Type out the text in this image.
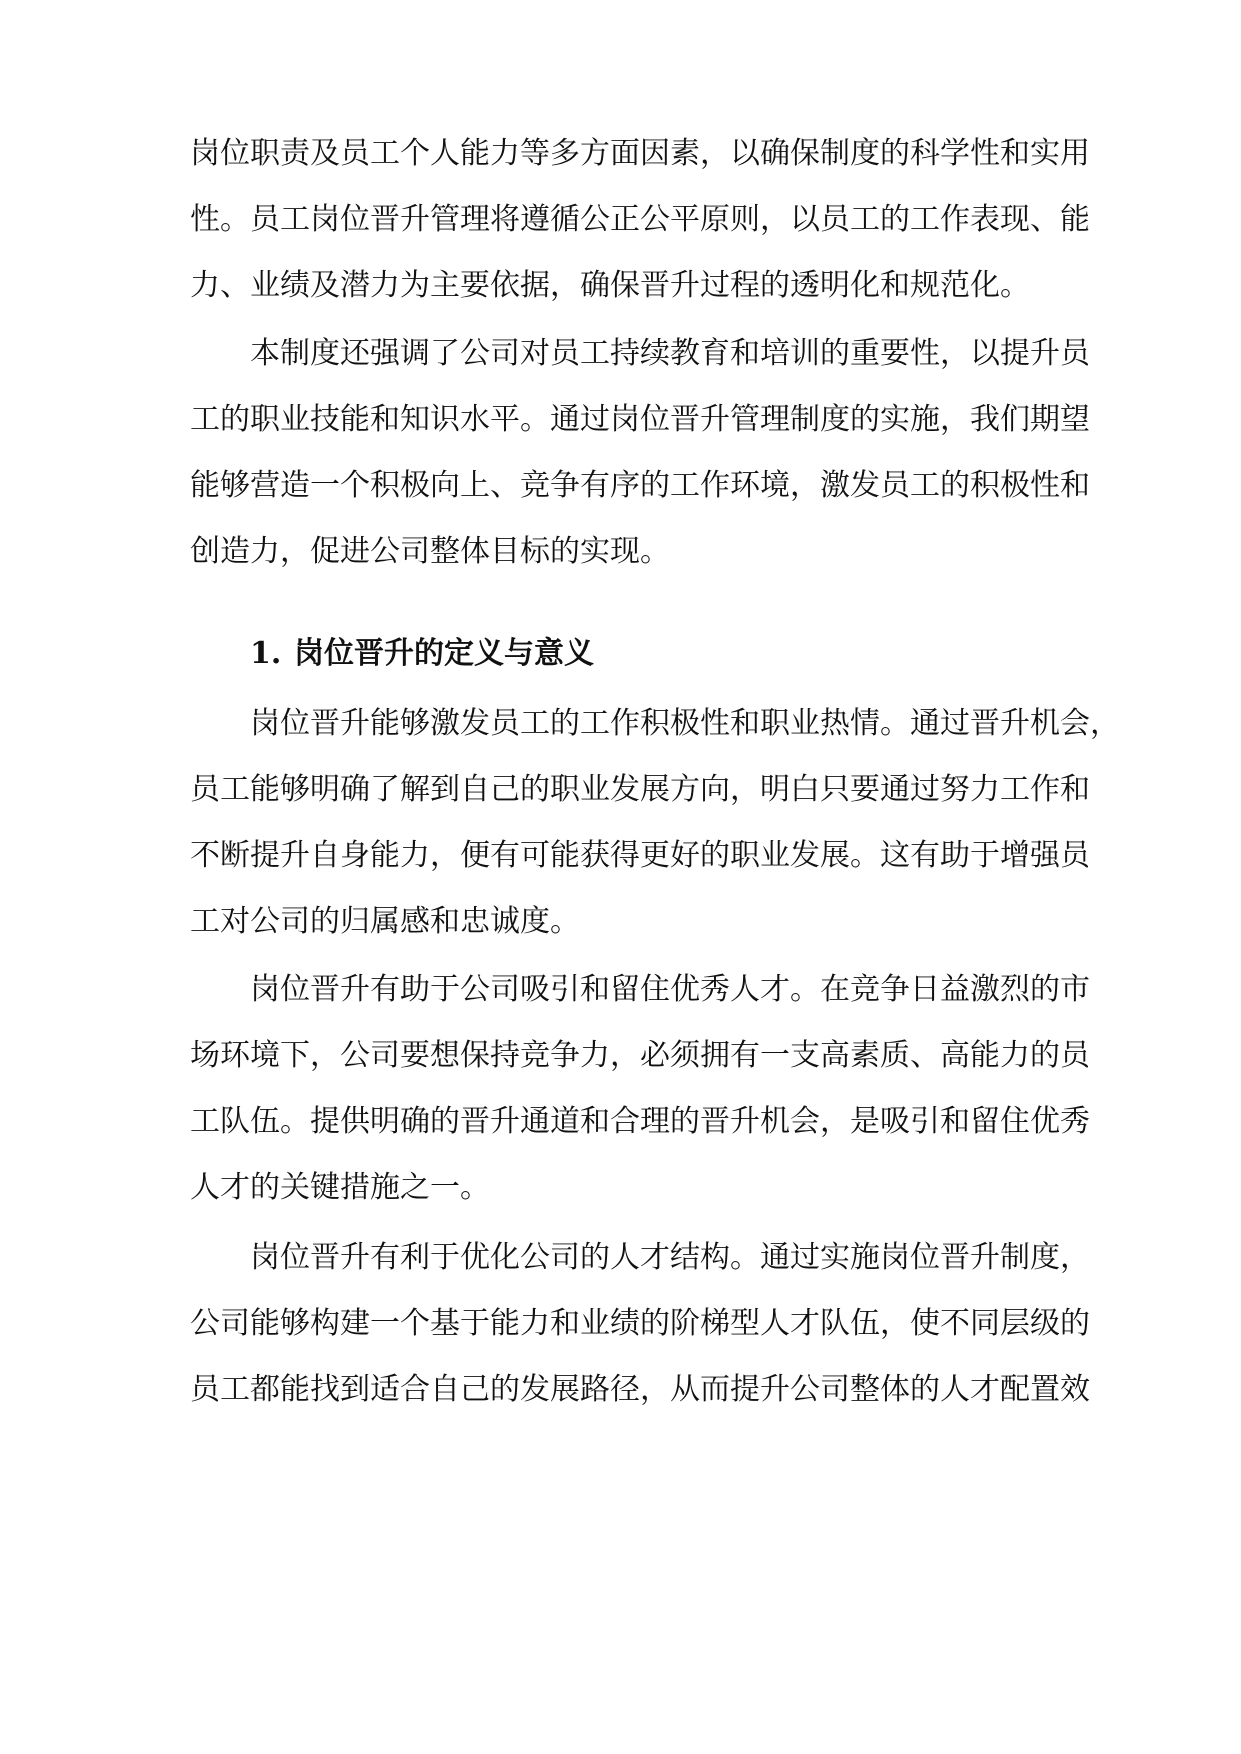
岗位职责及员工个人能力等多方面因素，以确保制度的科学性和实用

性。员工岗位晋升管理将遵循公正公平原则，以员工的工作表现、能

力、业绩及潜力为主要依据，确保晋升过程的透明化和规范化。

本制度还强调了公司对员工持续教育和培训的重要性，以提升员

工的职业技能和知识水平。通过岗位晋升管理制度的实施，我们期望

能够营造一个积极向上、竞争有序的工作环境，激发员工的积极性和

创造力，促进公司整体目标的实现。

1. 岗位晋升的定义与意义

岗位晋升能够激发员工的工作积极性和职业热情。通过晋升机会，

员工能够明确了解到自己的职业发展方向，明白只要通过努力工作和

不断提升自身能力，便有可能获得更好的职业发展。这有助于增强员

工对公司的归属感和忠诚度。

岗位晋升有助于公司吸引和留住优秀人才。在竞争日益激烈的市

场环境下，公司要想保持竞争力，必须拥有一支高素质、高能力的员

工队伍。提供明确的晋升通道和合理的晋升机会，是吸引和留住优秀

人才的关键措施之一。

岗位晋升有利于优化公司的人才结构。通过实施岗位晋升制度，

公司能够构建一个基于能力和业绩的阶梯型人才队伍，使不同层级的

员工都能找到适合自己的发展路径，从而提升公司整体的人才配置效
